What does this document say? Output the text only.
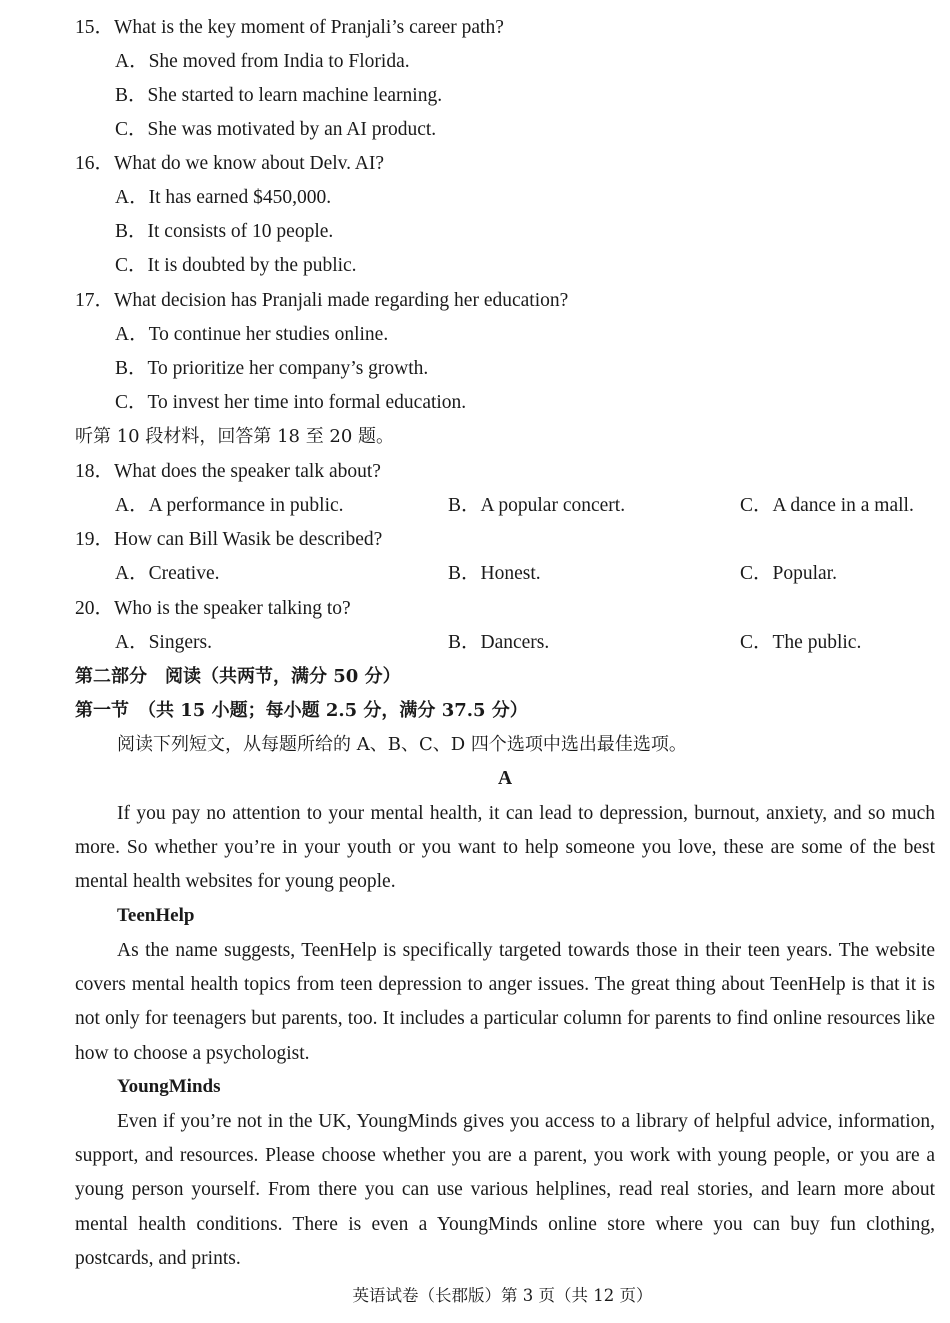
15．What is the key moment of Pranjali’s career path?
A．She moved from India to Florida.
B．She started to learn machine learning.
C．She was motivated by an AI product.
16．What do we know about Delv. AI?
A．It has earned $450,000.
B．It consists of 10 people.
C．It is doubted by the public.
17．What decision has Pranjali made regarding her education?
A．To continue her studies online.
B．To prioritize her company’s growth.
C．To invest her time into formal education.
听第 10 段材料，回答第 18 至 20 题。
18．What does the speaker talk about?
A．A performance in public.	B．A popular concert.	C．A dance in a mall.
19．How can Bill Wasik be described?
A．Creative.	B．Honest.	C．Popular.
20．Who is the speaker talking to?
A．Singers.	B．Dancers.	C．The public.
第二部分　阅读（共两节，满分 50 分）
第一节　（共 15 小题；每小题 2.5 分，满分 37.5 分）
阅读下列短文，从每题所给的 A、B、C、D 四个选项中选出最佳选项。
A
If you pay no attention to your mental health, it can lead to depression, burnout, anxiety, and so much more. So whether you’re in your youth or you want to help someone you love, these are some of the best mental health websites for young people.
TeenHelp
As the name suggests, TeenHelp is specifically targeted towards those in their teen years. The website covers mental health topics from teen depression to anger issues. The great thing about TeenHelp is that it is not only for teenagers but parents, too. It includes a particular column for parents to find online resources like how to choose a psychologist.
YoungMinds
Even if you’re not in the UK, YoungMinds gives you access to a library of helpful advice, information, support, and resources. Please choose whether you are a parent, you work with young people, or you are a young person yourself. From there you can use various helplines, read real stories, and learn more about mental health conditions. There is even a YoungMinds online store where you can buy fun clothing, postcards, and prints.
英语试卷（长郡版）第 3 页（共 12 页）
